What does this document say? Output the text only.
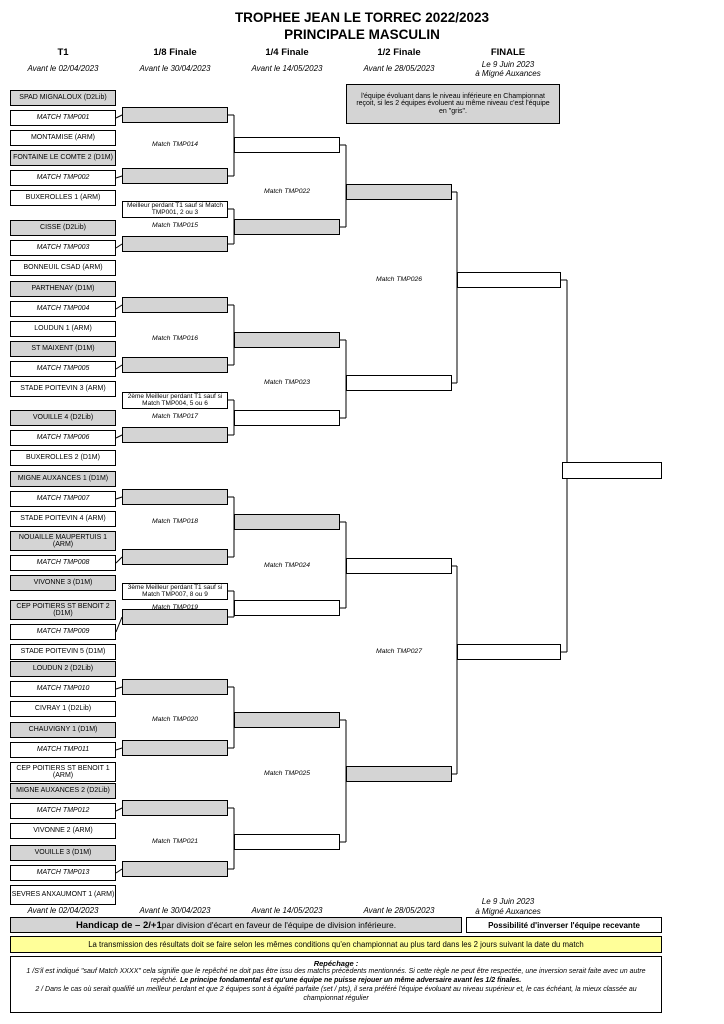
TROPHEE JEAN LE TORREC 2022/2023
PRINCIPALE MASCULIN
T1
Avant le 02/04/2023
1/8 Finale
Avant le 30/04/2023
1/4 Finale
Avant le 14/05/2023
1/2 Finale
Avant le 28/05/2023
FINALE
Le 9 Juin 2023
à Migné Auxances
l'équipe évoluant dans le niveau inférieure en Championnat reçoit, si les 2 équipes évoluent au même niveau c'est l'équipe en "gris".
SPAD MIGNALOUX (D2Lib)
MATCH TMP001
MONTAMISE (ARM)
FONTAINE LE COMTE 2 (D1M)
MATCH TMP002
BUXEROLLES 1 (ARM)
CISSE (D2Lib)
MATCH TMP003
BONNEUIL CSAD (ARM)
PARTHENAY (D1M)
MATCH TMP004
LOUDUN 1 (ARM)
ST MAIXENT (D1M)
MATCH TMP005
STADE POITEVIN 3 (ARM)
VOUILLE 4 (D2Lib)
MATCH TMP006
BUXEROLLES 2 (D1M)
MIGNE AUXANCES 1 (D1M)
MATCH TMP007
STADE POITEVIN 4 (ARM)
NOUAILLE MAUPERTUIS 1 (ARM)
MATCH TMP008
VIVONNE 3 (D1M)
CEP POITIERS ST BENOIT 2 (D1M)
MATCH TMP009
STADE POITEVIN 5 (D1M)
LOUDUN 2 (D2Lib)
MATCH TMP010
CIVRAY 1 (D2Lib)
CHAUVIGNY 1 (D1M)
MATCH TMP011
CEP POITIERS ST BENOIT 1 (ARM)
MIGNE AUXANCES 2 (D2Lib)
MATCH TMP012
VIVONNE 2 (ARM)
VOUILLE 3 (D1M)
MATCH TMP013
SEVRES ANXAUMONT 1 (ARM)
Meilleur perdant T1 sauf si Match TMP001, 2 ou 3
2ème Meilleur perdant T1 sauf si Match TMP004, 5 ou 6
3ème Meilleur perdant T1 sauf si Match TMP007, 8 ou 9
Match TMP014
Match TMP015
Match TMP016
Match TMP017
Match TMP018
Match TMP019
Match TMP020
Match TMP021
Match TMP022
Match TMP023
Match TMP024
Match TMP025
Match TMP026
Match TMP027
Avant le 02/04/2023	Avant le 30/04/2023	Avant le 14/05/2023	Avant le 28/05/2023
Le 9 Juin 2023
à Migné Auxances
Handicap de – 2/+1 par division d'écart en faveur de l'équipe de division inférieure.	Possibilité d'inverser l'équipe recevante
La transmission des résultats doit se faire selon les mêmes conditions qu'en championnat au plus tard dans les 2 jours suivant la date du match
Repéchage :
1 /S'il est indiqué "sauf Match XXXX" cela signifie que le repêché ne doit pas être issu des matchs précédents mentionnés. Si cette règle ne peut être respectée, une inversion serait faite avec un autre repêché. Le principe fondamental est qu'une équipe ne puisse rejouer un même adversaire avant les 1/2 finales.
2 / Dans le cas où serait qualifié un meilleur perdant et que 2 équipes sont à égalité parfaite (set / pts), il sera préféré l'équipe évoluant au niveau supérieur et, le cas échéant, la mieux classée au championnat régulier
